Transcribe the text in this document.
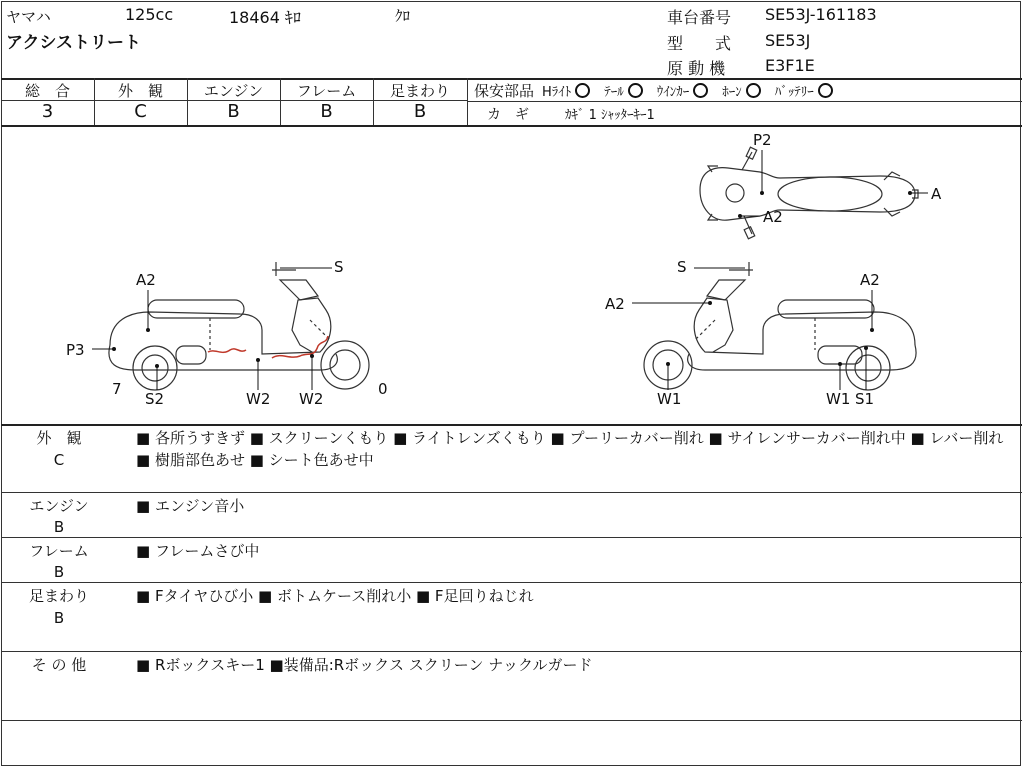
ヤマハ	125cc	18464 ｷﾛ	ｸﾛ
アクシストリート
車台番号 SE53J-161183
型　　式 SE53J
原 動 機 E3F1E
総　合	外　観	エンジン	フレーム	足まわり
3	C	B	B	B
保安部品 Hﾗｲﾄ	ﾃｰﾙ	ｳｲﾝｶｰ	ﾎｰﾝ	ﾊﾞｯﾃﾘｰ
カ　ギ	ｶｷﾞ 1 ｼｬｯﾀｰｷｰ1
P2
A
A2
S
A2
P3
7
S2	W2 W2
0
S
A2
A2
W1	W1 S1
外　観
C
■ 各所うすきず ■ スクリーンくもり ■ ライトレンズくもり ■ プーリーカバー削れ ■ サイレンサーカバー削れ中 ■ レバー削れ ■ 樹脂部色あせ ■ シート色あせ中
エンジン
B
■ エンジン音小
フレーム
B
■ フレームさび中
足まわり
B
■ Fタイヤひび小 ■ ボトムケース削れ小 ■ F足回りねじれ
そ の 他	■ Rボックスキー1 ■装備品:Rボックス スクリーン ナックルガード
